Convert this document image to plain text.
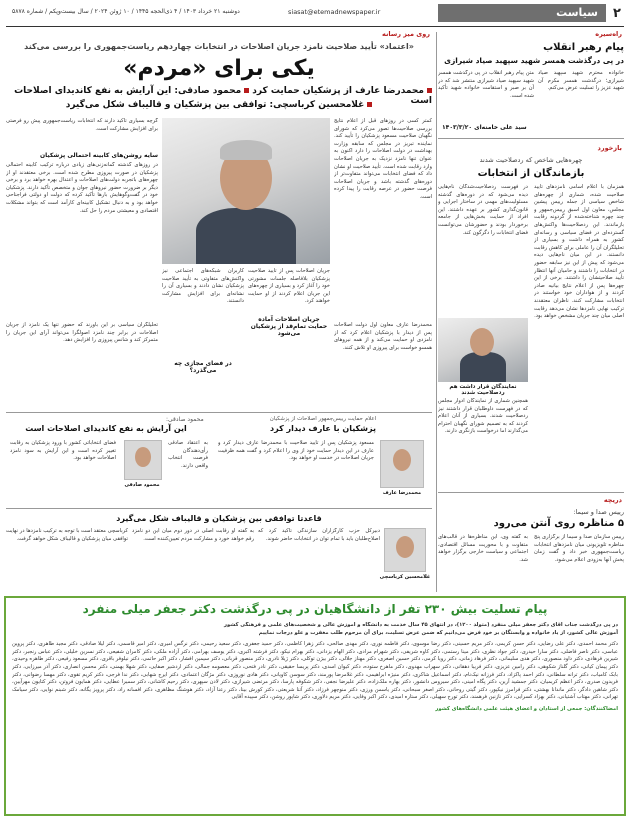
۲
سیاست
siasat@etemadnewspaper.ir
دوشنبه ۲۱ خرداد ۱۴۰۳ / ۴ ذی‌الحجه ۱۴۴۵ / ۱۰ ژوئن ۲۰۲۴ / سال بیست‌وپکم / شماره ۵۸۷۸
راه‌سیره
پیام رهبر انقلاب
در پی درگذشت همسر شهید سپهبد صیاد شیرازی
متن پیام رهبر انقلاب در پی درگذشت همسر شهید سپهبد صیاد شیرازی منتشر شد که در آن بر صبر و استقامت خانواده شهید تأکید شده است.
خانواده محترم شهید سپهبد صیاد شیرازی؛ درگذشت همسر مکرم آن شهید عزیز را تسلیت عرض می‌کنم.
سید علی خامنه‌ای ۱۴۰۳/۳/۲۰
بازخورد
چهره‌هایی شاخص که ردصلاحیت شدند
بازماندگان از انتخابات
همزمان با اعلام اسامی نامزدهای تأیید صلاحیت شده، شماری از چهره‌های شاخص سیاسی از جمله رییس پیشین مجلس، معاون اول اسبق رییس‌جمهور و چند چهره شناخته‌شده از گردونه رقابت بازماندند. این ردصلاحیت‌ها واکنش‌های گسترده‌ای در فضای سیاسی و رسانه‌ای کشور به همراه داشت و بسیاری از تحلیلگران آن را عاملی برای کاهش رقابت دانستند. در این میان نام‌هایی دیده می‌شود که پیش از این نیز سابقه حضور در انتخابات را داشتند و حامیان آنها انتظار تأیید صلاحیتشان را داشتند. برخی از این چهره‌ها پس از اعلام نتایج بیانیه صادر کردند و از هواداران خود خواستند در انتخابات مشارکت کنند. ناظران معتقدند ترکیب نهایی نامزدها نشان می‌دهد رقابت اصلی میان چند جریان مشخص خواهد بود.
در فهرست ردصلاحیت‌شدگان نام‌هایی دیده می‌شود که در دوره‌های گذشته مسئولیت‌های مهمی در ساختار اجرایی و قانون‌گذاری کشور بر عهده داشتند. این افراد از حمایت بخش‌هایی از جامعه برخوردار بودند و حضورشان می‌توانست فضای انتخابات را دگرگون کند.
نمایندگان قرار داشت هم ردصلاحیت شدند
همچنین شماری از نمایندگان ادوار مجلس که در فهرست داوطلبان قرار داشتند نیز ردصلاحیت شدند. بسیاری از آنان اعلام کردند که به تصمیم شورای نگهبان احترام می‌گذارند اما درخواست بازنگری دارند.
دریچه
رییس صدا و سیما:
۵ مناظره روی آنتن می‌رود
رییس سازمان صدا و سیما از برگزاری پنج مناظره تلویزیونی میان نامزدهای انتخابات ریاست‌جمهوری خبر داد و گفت زمان پخش آنها به‌زودی اعلام می‌شود.
به گفته وی، این مناظره‌ها در قالب‌های متفاوت و با محوریت مسائل اقتصادی، اجتماعی و سیاست خارجی برگزار خواهد شد.
روی میز رسانه
«اعتماد» تأیید صلاحیت نامزد جریان اصلاحات در انتخابات چهاردهم ریاست‌جمهوری را بررسی می‌کند
یکی برای «مردم»
محمدرضا عارف از پزشکیان حمایت کرد محمود صادقی: این آرایش به نفع کاندیدای اصلاحات است
غلامحسین کرباسچی: توافقی بین پزشکیان و قالیباف شکل می‌گیرد
کمتر کسی در روزهای قبل از اعلام نتایج بررسی صلاحیت‌ها تصور می‌کرد که شورای نگهبان صلاحیت مسعود پزشکیان را تأیید کند. نماینده تبریز در مجلس که سابقه وزارت بهداشت در دولت اصلاحات را دارد اکنون به عنوان تنها نامزد نزدیک به جریان اصلاحات وارد رقابت شده است. تأیید صلاحیت او نشان داد که فضای انتخابات می‌تواند متفاوت‌تر از دوره‌های گذشته باشد و جریان اصلاحات فرصت حضور در عرصه رقابت را پیدا کرده است.
گرچه بسیاری تأکید دارند که انتخابات ریاست‌جمهوری پیش رو فرصتی برای افزایش مشارکت است.
سایه روشن‌های کابینه احتمالی پزشکیان
در روزهای گذشته گمانه‌زنی‌های زیادی درباره ترکیب کابینه احتمالی پزشکیان در صورت پیروزی مطرح شده است. برخی معتقدند او از چهره‌های باتجربه دولت‌های اصلاحات و اعتدال بهره خواهد برد و برخی دیگر بر ضرورت حضور نیروهای جوان و متخصص تأکید دارند. پزشکیان خود در گفت‌وگوهایش بارها تأکید کرده که دولت او دولتی فراجناحی خواهد بود و به دنبال تشکیل کابینه‌ای کارآمد است که بتواند مشکلات اقتصادی و معیشتی مردم را حل کند.
جریان اصلاحات پس از تأیید صلاحیت پزشکیان بلافاصله جلسات مشورتی خود را آغاز کرد و بسیاری از چهره‌های این جریان اعلام کردند از او حمایت خواهند کرد.
جریان اصلاحات آماده حمایت تمام‌قد از پزشکیان می‌شود
در فضای مجازی چه می‌گذرد؟
کاربران شبکه‌های اجتماعی نیز واکنش‌های متفاوتی به تأیید صلاحیت پزشکیان نشان دادند و بسیاری آن را نشانه‌ای برای افزایش مشارکت دانستند.
محمدرضا عارف معاون اول دولت اصلاحات پس از دیدار با پزشکیان اعلام کرد که از نامزدی او حمایت می‌کند و از همه نیروهای همسو خواست برای پیروزی او تلاش کنند.
تحلیلگران سیاسی بر این باورند که حضور تنها یک نامزد از جریان اصلاحات در برابر چند نامزد اصولگرا می‌تواند آرای این جریان را متمرکز کند و شانس پیروزی را افزایش دهد.
محمود صادقی:
این آرایش به نفع کاندیدای اصلاحات است
محمود صادقی
فضای انتخاباتی کشور با ورود پزشکیان به رقابت تغییر کرده است و این آرایش به سود نامزد اصلاحات خواهد بود.
به اعتقاد صادقی رأی‌دهندگان فرصت انتخاب واقعی دارند.
اعلام حمایت رییس‌جمهور اصلاحات از پزشکیان
پزشکیان با عارف دیدار کرد
محمدرضا عارف
مسعود پزشکیان پس از تأیید صلاحیت با محمدرضا عارف دیدار کرد و عارف در این دیدار حمایت خود از وی را اعلام کرد و گفت همه ظرفیت جریان اصلاحات در خدمت او خواهد بود.
قاعدتا توافقی بین پزشکیان و قالیباف شکل می‌گیرد
غلامحسین کرباسچی
کرباسچی معتقد است با توجه به ترکیب نامزدها در نهایت توافقی میان پزشکیان و قالیباف شکل خواهد گرفت.
به گفته او رقابت اصلی در دور دوم میان این دو نامزد رقم خواهد خورد و مشارکت مردم تعیین‌کننده است.
دبیرکل حزب کارگزاران سازندگی تأکید کرد که اصلاح‌طلبان باید با تمام توان در انتخابات حاضر شوند.
پیام تسلیت بیش ۲۳۰ تفر از دانشگاهیان در پی درگذشت دکتر جعفر میلی منفرد
در پی درگذشت جناب آقای دکتر جعفر میلی منفرد (متولد ۱۲۰۰)، در انتهای ۴۵ سال خدمت به دانشگاه و آموزش عالی و شخصیت‌های علمی و فرهنگی کشور
آموزش عالی کشور، از یاد خانواده و وابستگان بر خود فرض می‌دانیم که ضمن عرض تسلیت، برای آن مرحوم طلب مغفرت و علو درجات نماییم
دکتر محمد احمدی، دکتر علی رضایی، دکتر حسن کریمی، دکتر مریم حسینی، دکتر رضا موسوی، دکتر فاطمه نوری، دکتر مهدی صالحی، دکتر زهرا کاظمی، دکتر حمید جعفری، دکتر سعید رحیمی، دکتر نرگس امیری، دکتر امیر قاسمی، دکتر لیلا صادقی، دکتر مجید طاهری، دکتر پروین عباسی، دکتر ناصر فاضلی، دکتر سارا حیدری، دکتر جواد نظری، دکتر مینا رستمی، دکتر کاوه شریفی، دکتر شهرام مرادی، دکتر الهام یزدانی، دکتر بهرام نیکو، دکتر فرشته اکبری، دکتر یوسف بهرامی، دکتر آزاده ملکی، دکتر کامران شفیعی، دکتر نسرین خلیلی، دکتر عباس رنجبر، دکتر شیرین فرهادی، دکتر داود منصوری، دکتر هدی سلیمانی، دکتر فرهاد زمانی، دکتر رویا کرمی، دکتر حسین اصغری، دکتر مهناز جلالی، دکتر بیژن توکلی، دکتر ژیلا نادری، دکتر منصور قربانی، دکتر سیمین افشار، دکتر اکبر حاتمی، دکتر نیلوفر باقری، دکتر مسعود رفیعی، دکتر طاهره وحیدی، دکتر پیمان کیانی، دکتر گلناز شکوهی، دکتر رامین عزیزی، دکتر فریبا دهقانی، دکتر سهراب مهدوی، دکتر ماهرخ ستوده، دکتر کیوان اسدی، دکتر پریسا حقیقی، دکتر نادر فتحی، دکتر معصومه جمالی، دکتر اردشیر صفایی، دکتر شهلا بهمنی، دکتر محسن انصاری، دکتر آذر میرزایی، دکتر بابک کامیاب، دکتر ترانه سلطانی، دکتر احمد پاکزاد، دکتر فرزانه نیک‌نام، دکتر اسماعیل شاکری، دکتر منیژه ابراهیمی، دکتر غلامرضا پورمند، دکتر سوسن کاویانی، دکتر هادی نوروزی، دکتر مژگان اعتمادی، دکتر ایرج شهابی، دکتر ندا فرجی، دکتر کریم تقوی، دکتر مهسا رضوانی، دکتر فریدون صدری، دکتر اعظم کریمیان، دکتر جمشید آرین، دکتر پگاه امینی، دکتر سیروس دانشور، دکتر بهاره ملک‌زاده، دکتر علیرضا نجفی، دکتر شکوفه پارسا، دکتر مرتضی شیرازی، دکتر لادن سپهری، دکتر رحیم کاشانی، دکتر سمیرا عطایی، دکتر همایون فروتن، دکتر کتایون مهرآیین، دکتر شاهین دادگر، دکتر ماندانا بهشتی، دکتر فرامرز نیکپور، دکتر گیتی روحانی، دکتر اصغر سبحانی، دکتر یاسمن ورزی، دکتر منوچهر فرزاد، دکتر آتنا شریعتی، دکتر کورش بینا، دکتر رعنا آزاد، دکتر هوشنگ مظاهری، دکتر افسانه راد، دکتر پرویز یگانه، دکتر شبنم نوایی، دکتر سیامک تهرانی، دکتر مهتاب آشتیانی، دکتر بهزاد کسرایی، دکتر نازنین فرهمند، دکتر تورج سهیلی، دکتر ستاره امیدی، دکتر اکبر وفایی، دکتر مریم دلاوری، دکتر شاپور روشن، دکتر سپیده آقایی
امضاکنندگان: جمعی از استادان و اعضای هیئت علمی دانشگاه‌های کشور
